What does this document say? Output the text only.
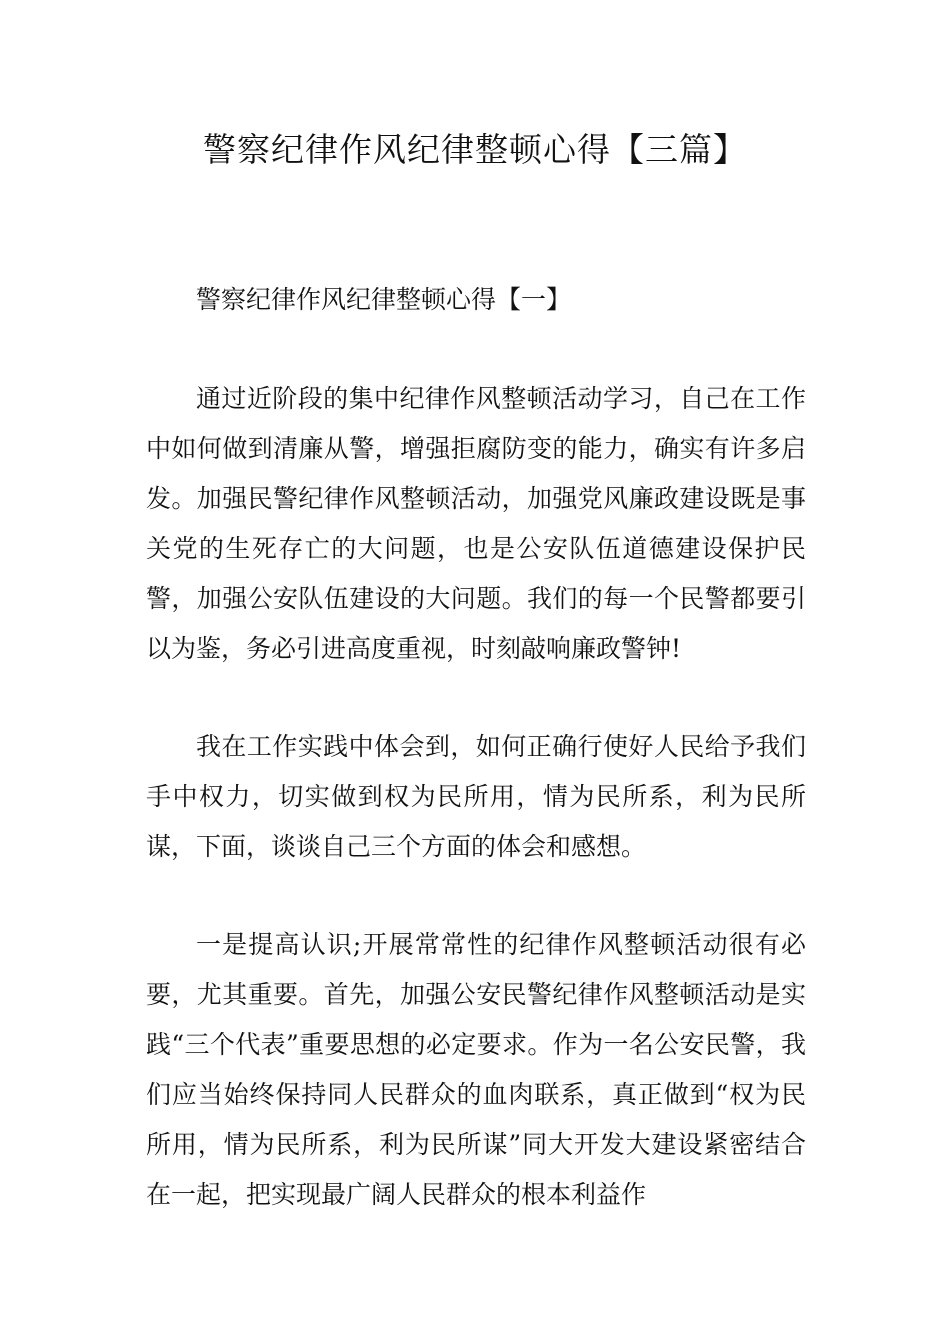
警察纪律作风纪律整顿心得【三篇】

警察纪律作风纪律整顿心得【一】

通过近阶段的集中纪律作风整顿活动学习，自己在工作中如何做到清廉从警，增强拒腐防变的能力，确实有许多启发。加强民警纪律作风整顿活动，加强党风廉政建设既是事关党的生死存亡的大问题，也是公安队伍道德建设保护民警，加强公安队伍建设的大问题。我们的每一个民警都要引以为鉴，务必引进高度重视，时刻敲响廉政警钟!

我在工作实践中体会到，如何正确行使好人民给予我们手中权力，切实做到权为民所用，情为民所系，利为民所谋，下面，谈谈自己三个方面的体会和感想。

一是提高认识;开展常常性的纪律作风整顿活动很有必要，尤其重要。首先，加强公安民警纪律作风整顿活动是实践“三个代表”重要思想的必定要求。作为一名公安民警，我们应当始终保持同人民群众的血肉联系，真正做到“权为民所用，情为民所系，利为民所谋”同大开发大建设紧密结合在一起，把实现最广阔人民群众的根本利益作
